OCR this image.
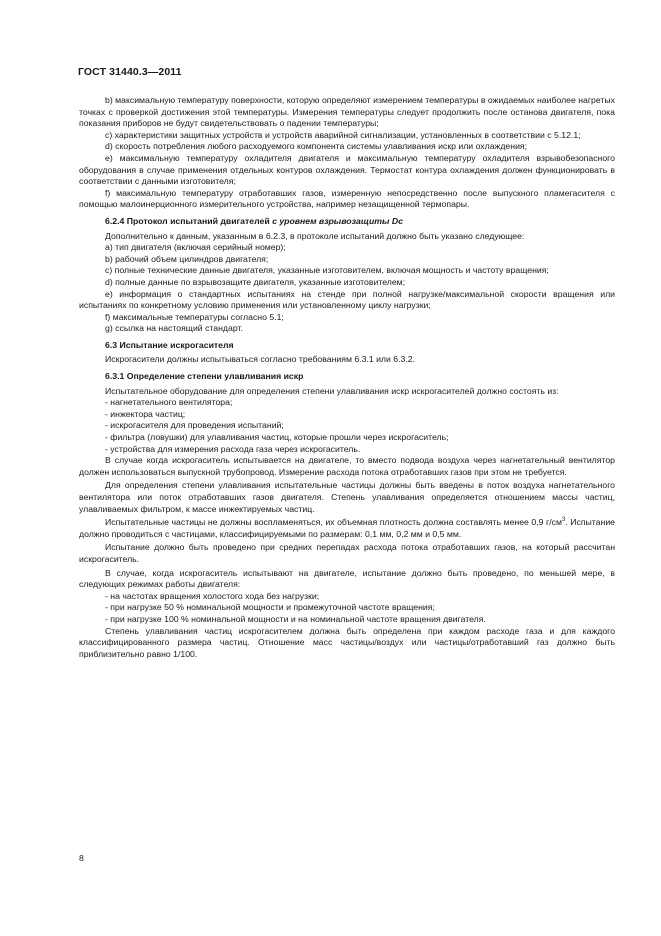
ГОСТ 31440.3—2011

b) максимальную температуру поверхности, которую определяют измерением температуры в ожидаемых наиболее нагретых точках с проверкой достижения этой температуры. Измерения температуры следует продолжить после останова двигателя, пока показания приборов не будут свидетельствовать о падении температуры;

c) характеристики защитных устройств и устройств аварийной сигнализации, установленных в соответствии с 5.12.1;

d) скорость потребления любого расходуемого компонента системы улавливания искр или охлаждения;

e) максимальную температуру охладителя двигателя и максимальную температуру охладителя взрывобезопасного оборудования в случае применения отдельных контуров охлаждения. Термостат контура охлаждения должен функционировать в соответствии с данными изготовителя;

f) максимальную температуру отработавших газов, измеренную непосредственно после выпускного пламегасителя с помощью малоинерционного измерительного устройства, например незащищенной термопары.

6.2.4 Протокол испытаний двигателей с уровнем взрывозащиты Dc

Дополнительно к данным, указанным в 6.2.3, в протоколе испытаний должно быть указано следующее:

a) тип двигателя (включая серийный номер);

b) рабочий объем цилиндров двигателя;

c) полные технические данные двигателя, указанные изготовителем, включая мощность и частоту вращения;

d) полные данные по взрывозащите двигателя, указанные изготовителем;

e) информация о стандартных испытаниях на стенде при полной нагрузке/максимальной скорости вращения или испытаниях по конкретному условию применения или установленному циклу нагрузки;

f) максимальные температуры согласно 5.1;

g) ссылка на настоящий стандарт.

6.3 Испытание искрогасителя

Искрогасители должны испытываться согласно требованиям 6.3.1 или 6.3.2.

6.3.1 Определение степени улавливания искр

Испытательное оборудование для определения степени улавливания искр искрогасителей должно состоять из:

- нагнетательного вентилятора;

- инжектора частиц;

- искрогасителя для проведения испытаний;

- фильтра (ловушки) для улавливания частиц, которые прошли через искрогаситель;

- устройства для измерения расхода газа через искрогаситель.

В случае когда искрогаситель испытывается на двигателе, то вместо подвода воздуха через нагнетательный вентилятор должен использоваться выпускной трубопровод. Измерение расхода потока отработавших газов при этом не требуется.

Для определения степени улавливания испытательные частицы должны быть введены в поток воздуха нагнетательного вентилятора или поток отработавших газов двигателя. Степень улавливания определяется отношением массы частиц, улавливаемых фильтром, к массе инжектируемых частиц.

Испытательные частицы не должны воспламеняться, их объемная плотность должна составлять менее 0,9 $г/см^3$. Испытание должно проводиться с частицами, классифицируемыми по размерам: 0,1 мм, 0,2 мм и 0,5 мм.

Испытание должно быть проведено при средних перепадах расхода потока отработавших газов, на который рассчитан искрогаситель.

В случае, когда искрогаситель испытывают на двигателе, испытание должно быть проведено, по меньшей мере, в следующих режимах работы двигателя:

- на частотах вращения холостого хода без нагрузки;

- при нагрузке 50 % номинальной мощности и промежуточной частоте вращения;

- при нагрузке 100 % номинальной мощности и на номинальной частоте вращения двигателя.

Степень улавливания частиц искрогасителем должна быть определена при каждом расходе газа и для каждого классифицированного размера частиц. Отношение масс частицы/воздух или частицы/отработавший газ должно быть приблизительно равно 1/100.

8
